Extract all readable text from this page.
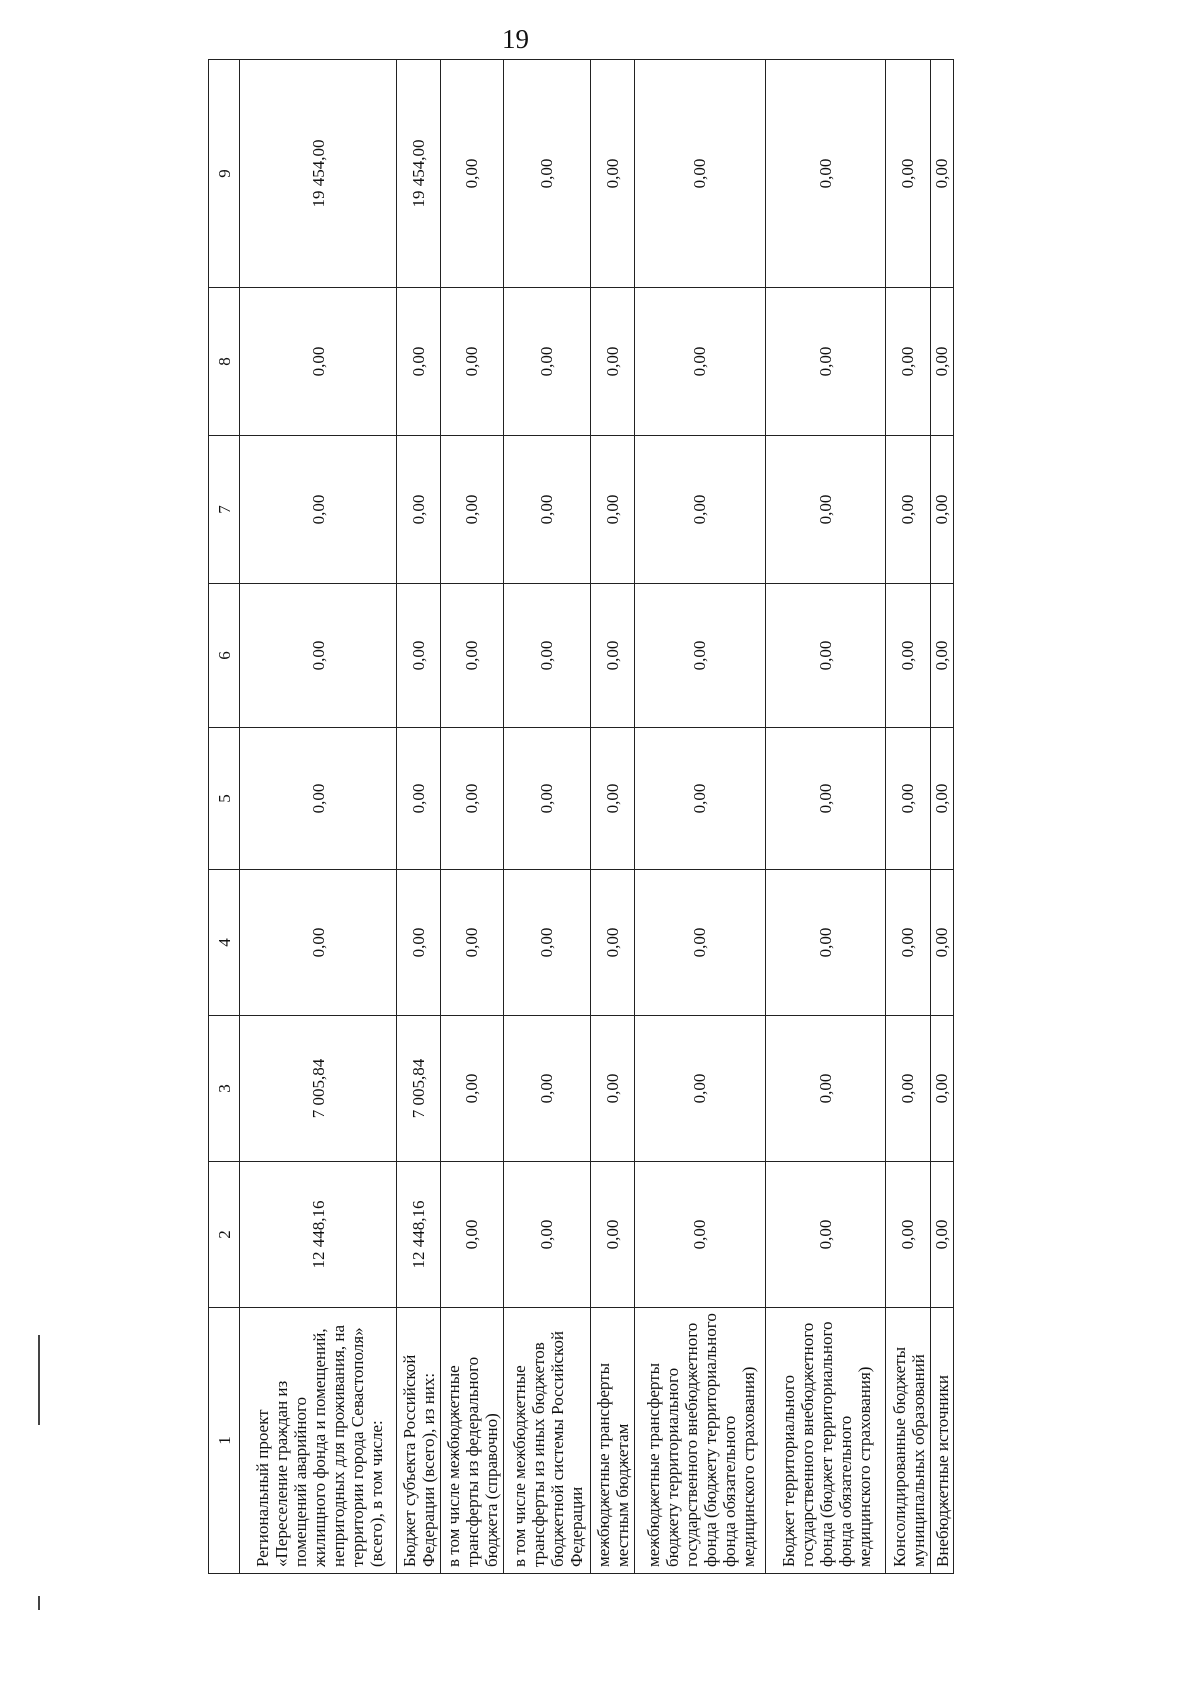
19
1	2	3	4	5	6	7	8	9
Региональный проект «Переселение граждан из помещений аварийного жилищного фонда и помещений, непригодных для проживания, на территории города Севастополя» (всего), в том числе:	12 448,16	7 005,84	0,00	0,00	0,00	0,00	0,00	19 454,00
Бюджет субъекта Российской Федерации (всего), из них:	12 448,16	7 005,84	0,00	0,00	0,00	0,00	0,00	19 454,00
в том числе межбюджетные трансферты из федерального бюджета (справочно)	0,00	0,00	0,00	0,00	0,00	0,00	0,00	0,00
в том числе межбюджетные трансферты из иных бюджетов бюджетной системы Российской Федерации	0,00	0,00	0,00	0,00	0,00	0,00	0,00	0,00
межбюджетные трансферты местным бюджетам	0,00	0,00	0,00	0,00	0,00	0,00	0,00	0,00
межбюджетные трансферты бюджету территориального государственного внебюджетного фонда (бюджету территориального фонда обязательного медицинского страхования)	0,00	0,00	0,00	0,00	0,00	0,00	0,00	0,00
Бюджет территориального государственного внебюджетного фонда (бюджет территориального фонда обязательного медицинского страхования)	0,00	0,00	0,00	0,00	0,00	0,00	0,00	0,00
Консолидированные бюджеты муниципальных образований	0,00	0,00	0,00	0,00	0,00	0,00	0,00	0,00
Внебюджетные источники	0,00	0,00	0,00	0,00	0,00	0,00	0,00	0,00
